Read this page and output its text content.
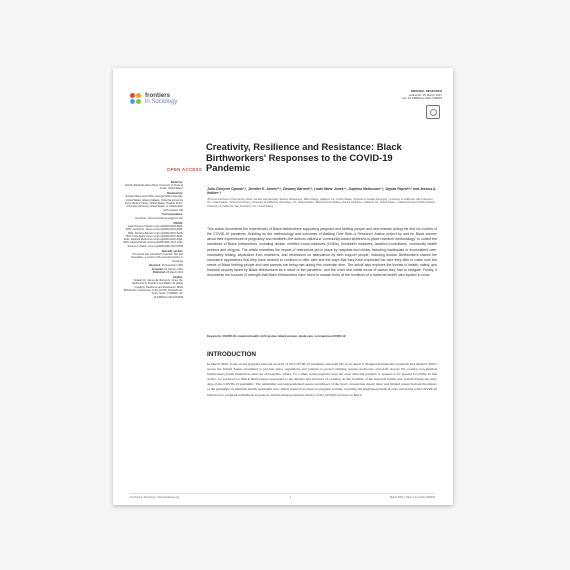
frontiers
in Sociology
ORIGINAL RESEARCH
published: 25 March 2021
doi: 10.3389/fsoc.2021.638029
OPEN ACCESS
Edited by:
Robbie Elizabeth Davis-Floyd, University of Texas at Austin, United States
Reviewed by:
Suhaimi Rammesty-Miller, Georgia State University, United States; Gideon Sidawa, Columbia University Irving Medical Center, United States; Heather Wurtz, Columbia University, United States, in collaboration with reviewer GSI
*Correspondence:
Jennifer E. James jennifer.james@ucsf.edu
†ORCID:
Julia Chinyere Oparah orcid.org/0000-0003-0684-4033; Jennifer E. James orcid.org/0000-0001-6046-5001; Destany Barnett orcid.org/0000-0001-5226-7522; Linda Marie Jones orcid.org/0000-0001-6648-6141; Daphina Melbourne orcid.org/0000-0002-4390-3549; Sayida Peprah orcid.org/0000-0001-8137-1491; Jessica A. Walker orcid.org/0000-0002-3615-6886
Specialty section:
This article was submitted to Gender, Sex and Sexualities, a section of the journal Frontiers in Sociology
Received: 20 November 2020
Accepted: 21 January 2021
Published: 25 March 2021
Citation:
Oparah JC, James JE, Barnett D, Jones LM, Melbourne D, Peprah S and Walker JA (2021) Creativity, Resilience and Resistance: Black Birthworkers' Responses to the COVID-19 Pandemic. Front. Sociol. 6:636029. doi: 10.3389/fsoc.2021.636029
Creativity, Resilience and Resistance: Black Birthworkers' Responses to the COVID-19 Pandemic
Julia Chinyere Oparah¹†, Jennifer E. James²*†, Destany Barnett³†, Linda Marie Jones⁴†, Daphina Melbourne⁵†, Sayida Peprah⁶† and Jessica A. Walker⁷†
¹Provost and Dean of the Faculty, Race, Gender and Sexuality Studies Department, Mills College, Oakland, CA, United States, ²Institute for Health and Aging, University of California, San Francisco, CA, United States, ³School of Nursing, University of California, San Diego, CA, United States, ⁴Black Women Birthing Justice Collective, Oakland, CA, United States, ⁵California Preterm Birth Initiative, University of California, San Francisco, CA, United States
This article documents the experiences of Black birthworkers supporting pregnant and birthing people and new mamas during the first six months of the COVID-19 pandemic. Building on the methodology and outcomes of Battling Over Birth–a Research Justice project by and for Black women about their experiences of pregnancy and childbirth–the authors utilized a "community-based sheltered-in-place research methodology" to collect the narratives of Black birthworkers, including doulas, certified nurse-midwives (CNMs), homebirth midwives, lactation consultants, community health workers and ob/gyns. The article examines the impact of restrictions put in place by hospitals and clinics, including inadequate or inconsistent care, mandatory testing, separation from newborns, and restrictions on attendance by birth support people, including doulas. Birthworkers shared the innovative approaches that they have devised to continue to offer care and the ways that they have expanded the care they offer to make sure the needs of Black birthing people and new parents are being met during this uncertain time. The article also explores the threats to health, safety, and financial security faced by Black birthworkers as a result of the pandemic, and the overt and subtle forms of racism they had to navigate. Finally, it documents the sources of strength that Black birthworkers have found to sustain them at the frontlines of a maternal health care system in crisis.
Keywords: COVID-19, maternal health, birth justice, Black women, doula care, coronavirus-COVID-19
INTRODUCTION
In March 2020, as the world grappled with the severity of the COVID-19 pandemic and daily life as we knew it changed dramatically, hospitals and medical clinics across the United States scrambled to put into place regulations and policies to protect birthing people, newborns, and staff. Across the country, non-medical birthworkers found themselves shut out of hospitals, where, for a time, some hospitals were not even allowing partners or spouses to be present for births. In this article, we explore how Black birthworkers responded to the dangers and stressors of working on the frontline of the maternal health care system during the early days of the COVID-19 pandemic. The unfamiliar and unprecedented nature and impact of the novel coronavirus meant there was limited research about the impact of the pandemic on maternal health and health care. Initial research focused on pregnant women, revealing the heightened medical risks associated with COVID-19 infection for pregnant individuals in general, and the disproportionate impact of the COVID-19 virus on Black
Frontiers in Sociology | www.frontiersin.org	1	March 2021 | Volume 6 | Article 636029
